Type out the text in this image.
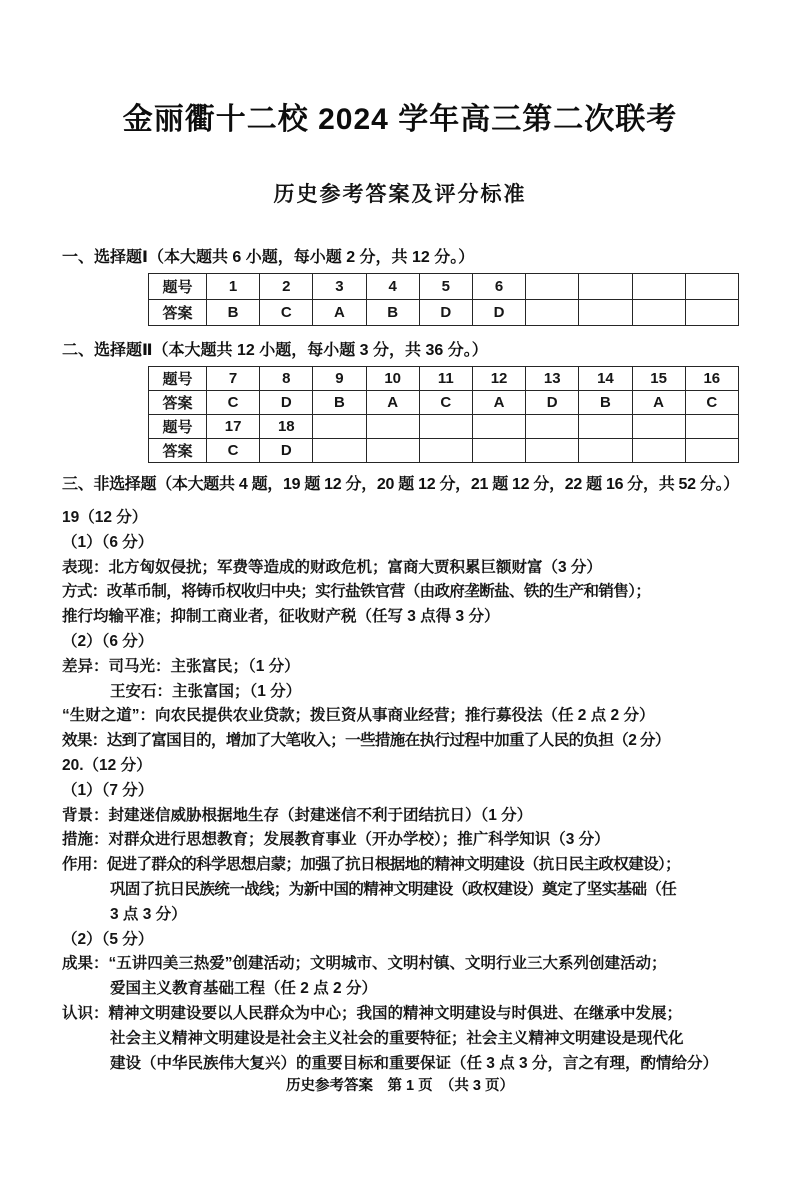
金丽衢十二校 2024 学年高三第二次联考
历史参考答案及评分标准
一、选择题Ⅰ（本大题共 6 小题，每小题 2 分，共 12 分。）
题号	1	2	3	4	5	6				
答案	B	C	A	B	D	D				
二、选择题Ⅱ（本大题共 12 小题，每小题 3 分，共 36 分。）
题号	7	8	9	10	11	12	13	14	15	16
答案	C	D	B	A	C	A	D	B	A	C
题号	17	18								
答案	C	D								
三、非选择题（本大题共 4 题，19 题 12 分，20 题 12 分，21 题 12 分，22 题 16 分，共 52 分。）
19（12 分）
（1）（6 分）
表现：北方匈奴侵扰；军费等造成的财政危机；富商大贾积累巨额财富（3 分）
方式：改革币制，将铸币权收归中央；实行盐铁官营（由政府垄断盐、铁的生产和销售）；
推行均输平准；抑制工商业者，征收财产税（任写 3 点得 3 分）
（2）（6 分）
差异：司马光：主张富民；（1 分）
王安石：主张富国；（1 分）
“生财之道”：向农民提供农业贷款；拨巨资从事商业经营；推行募役法（任 2 点 2 分）
效果：达到了富国目的，增加了大笔收入；一些措施在执行过程中加重了人民的负担（2 分）
20.（12 分）
（1）（7 分）
背景：封建迷信威胁根据地生存（封建迷信不利于团结抗日）（1 分）
措施：对群众进行思想教育；发展教育事业（开办学校）；推广科学知识（3 分）
作用：促进了群众的科学思想启蒙；加强了抗日根据地的精神文明建设（抗日民主政权建设）；
巩固了抗日民族统一战线；为新中国的精神文明建设（政权建设）奠定了坚实基础（任
3 点 3 分）
（2）（5 分）
成果：“五讲四美三热爱”创建活动；文明城市、文明村镇、文明行业三大系列创建活动；
爱国主义教育基础工程（任 2 点 2 分）
认识：精神文明建设要以人民群众为中心；我国的精神文明建设与时俱进、在继承中发展；
社会主义精神文明建设是社会主义社会的重要特征；社会主义精神文明建设是现代化
建设（中华民族伟大复兴）的重要目标和重要保证（任 3 点 3 分，言之有理，酌情给分）
历史参考答案　第 1 页　（共 3 页）
